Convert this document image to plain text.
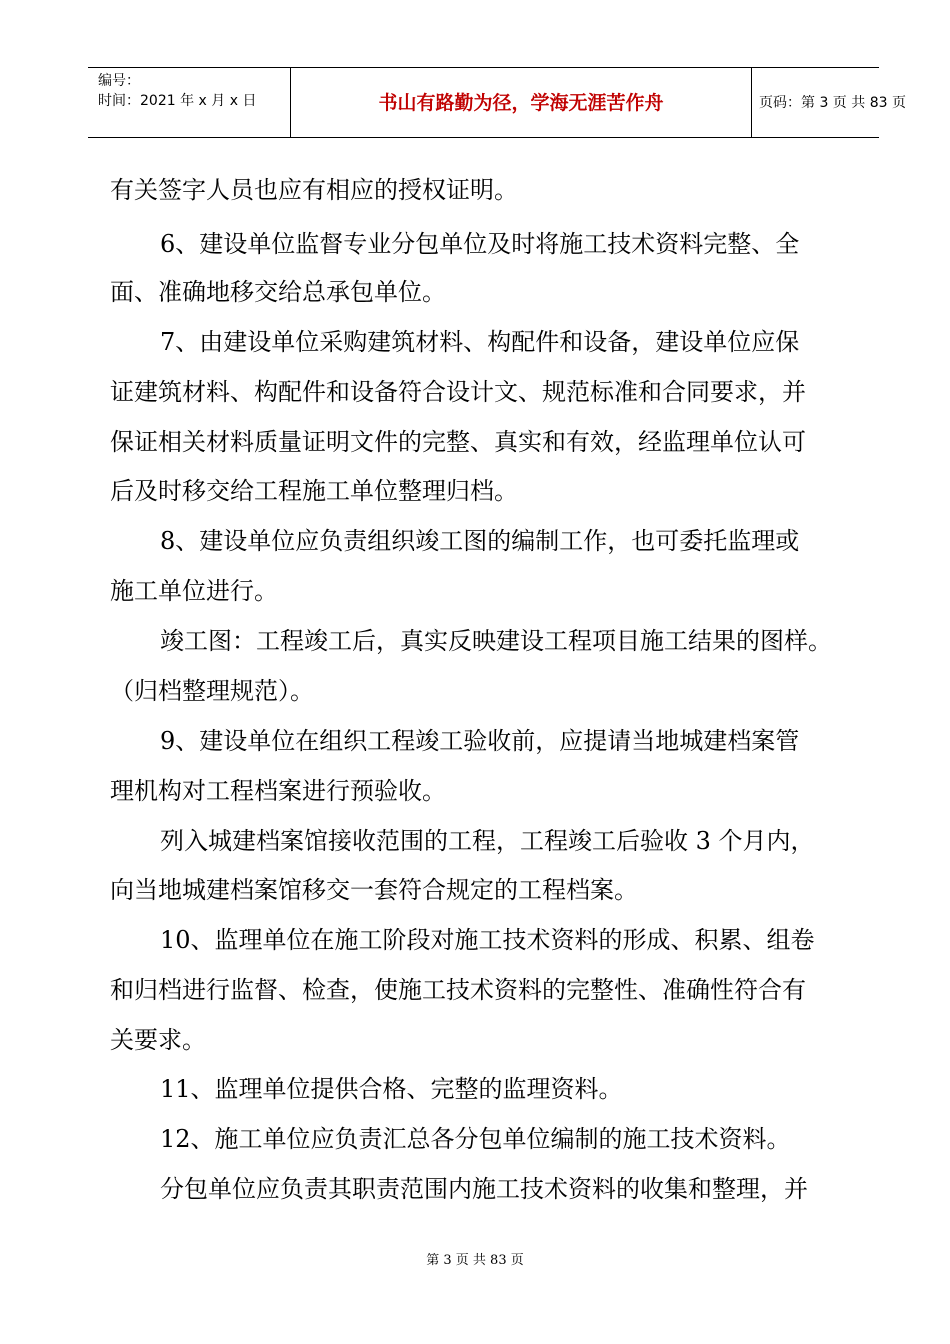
编号：
时间：2021 年 x 月 x 日	书山有路勤为径，学海无涯苦作舟	页码：第 3 页 共 83 页
有关签字人员也应有相应的授权证明。
6、建设单位监督专业分包单位及时将施工技术资料完整、全
面、准确地移交给总承包单位。
7、由建设单位采购建筑材料、构配件和设备，建设单位应保
证建筑材料、构配件和设备符合设计文、规范标准和合同要求，并
保证相关材料质量证明文件的完整、真实和有效，经监理单位认可
后及时移交给工程施工单位整理归档。
8、建设单位应负责组织竣工图的编制工作，也可委托监理或
施工单位进行。
竣工图：工程竣工后，真实反映建设工程项目施工结果的图样。
（归档整理规范）。
9、建设单位在组织工程竣工验收前，应提请当地城建档案管
理机构对工程档案进行预验收。
列入城建档案馆接收范围的工程，工程竣工后验收 3 个月内，
向当地城建档案馆移交一套符合规定的工程档案。
10、监理单位在施工阶段对施工技术资料的形成、积累、组卷
和归档进行监督、检查，使施工技术资料的完整性、准确性符合有
关要求。
11、监理单位提供合格、完整的监理资料。
12、施工单位应负责汇总各分包单位编制的施工技术资料。
分包单位应负责其职责范围内施工技术资料的收集和整理，并
第 3 页 共 83 页
